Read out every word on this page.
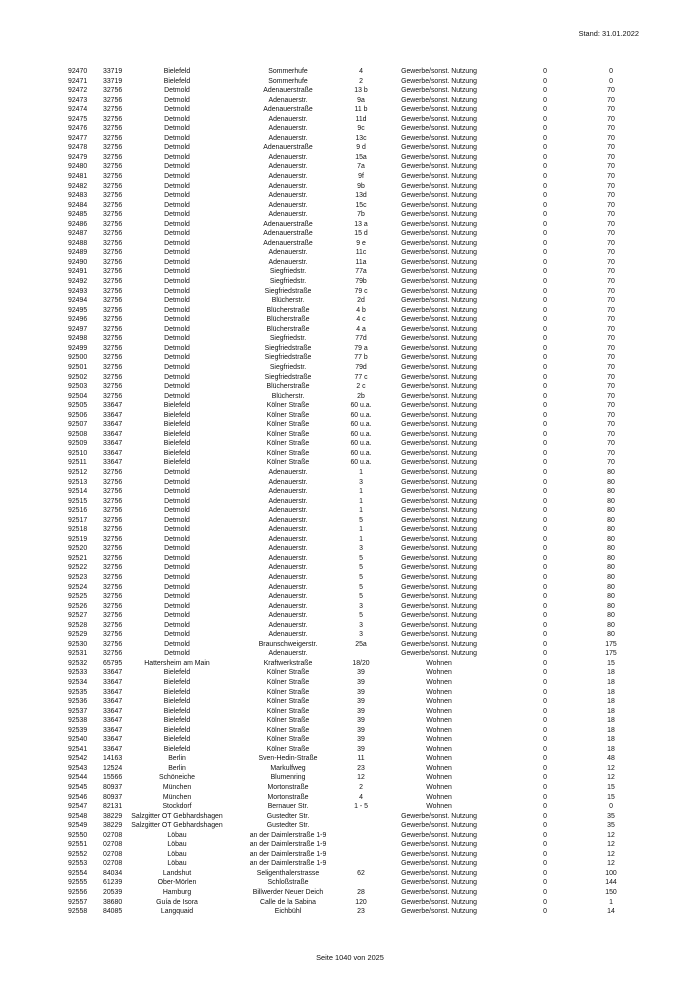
Stand: 31.01.2022
92470 33719	Bielefeld	Sommerhufe	4	Gewerbe/sonst. Nutzung	0	0
92471 33719	Bielefeld	Sommerhufe	2	Gewerbe/sonst. Nutzung	0	0
92472 32756	Detmold	Adenauerstraße	13 b	Gewerbe/sonst. Nutzung	0	70
92473 32756	Detmold	Adenauerstr.	9a	Gewerbe/sonst. Nutzung	0	70
92474 32756	Detmold	Adenauerstraße	11 b	Gewerbe/sonst. Nutzung	0	70
92475 32756	Detmold	Adenauerstr.	11d	Gewerbe/sonst. Nutzung	0	70
92476 32756	Detmold	Adenauerstr.	9c	Gewerbe/sonst. Nutzung	0	70
92477 32756	Detmold	Adenauerstr.	13c	Gewerbe/sonst. Nutzung	0	70
92478 32756	Detmold	Adenauerstraße	9 d	Gewerbe/sonst. Nutzung	0	70
92479 32756	Detmold	Adenauerstr.	15a	Gewerbe/sonst. Nutzung	0	70
92480 32756	Detmold	Adenauerstr.	7a	Gewerbe/sonst. Nutzung	0	70
92481 32756	Detmold	Adenauerstr.	9f	Gewerbe/sonst. Nutzung	0	70
92482 32756	Detmold	Adenauerstr.	9b	Gewerbe/sonst. Nutzung	0	70
92483 32756	Detmold	Adenauerstr.	13d	Gewerbe/sonst. Nutzung	0	70
92484 32756	Detmold	Adenauerstr.	15c	Gewerbe/sonst. Nutzung	0	70
92485 32756	Detmold	Adenauerstr.	7b	Gewerbe/sonst. Nutzung	0	70
92486 32756	Detmold	Adenauerstraße	13 a	Gewerbe/sonst. Nutzung	0	70
92487 32756	Detmold	Adenauerstraße	15 d	Gewerbe/sonst. Nutzung	0	70
92488 32756	Detmold	Adenauerstraße	9 e	Gewerbe/sonst. Nutzung	0	70
92489 32756	Detmold	Adenauerstr.	11c	Gewerbe/sonst. Nutzung	0	70
92490 32756	Detmold	Adenauerstr.	11a	Gewerbe/sonst. Nutzung	0	70
92491 32756	Detmold	Siegfriedstr.	77a	Gewerbe/sonst. Nutzung	0	70
92492 32756	Detmold	Siegfriedstr.	79b	Gewerbe/sonst. Nutzung	0	70
92493 32756	Detmold	Siegfriedstraße	79 c	Gewerbe/sonst. Nutzung	0	70
92494 32756	Detmold	Blücherstr.	2d	Gewerbe/sonst. Nutzung	0	70
92495 32756	Detmold	Blücherstraße	4 b	Gewerbe/sonst. Nutzung	0	70
92496 32756	Detmold	Blücherstraße	4 c	Gewerbe/sonst. Nutzung	0	70
92497 32756	Detmold	Blücherstraße	4 a	Gewerbe/sonst. Nutzung	0	70
92498 32756	Detmold	Siegfriedstr.	77d	Gewerbe/sonst. Nutzung	0	70
92499 32756	Detmold	Siegfriedstraße	79 a	Gewerbe/sonst. Nutzung	0	70
92500 32756	Detmold	Siegfriedstraße	77 b	Gewerbe/sonst. Nutzung	0	70
92501 32756	Detmold	Siegfriedstr.	79d	Gewerbe/sonst. Nutzung	0	70
92502 32756	Detmold	Siegfriedstraße	77 c	Gewerbe/sonst. Nutzung	0	70
92503 32756	Detmold	Blücherstraße	2 c	Gewerbe/sonst. Nutzung	0	70
92504 32756	Detmold	Blücherstr.	2b	Gewerbe/sonst. Nutzung	0	70
92505 33647	Bielefeld	Kölner Straße	60 u.a.	Gewerbe/sonst. Nutzung	0	70
92506 33647	Bielefeld	Kölner Straße	60 u.a.	Gewerbe/sonst. Nutzung	0	70
92507 33647	Bielefeld	Kölner Straße	60 u.a.	Gewerbe/sonst. Nutzung	0	70
92508 33647	Bielefeld	Kölner Straße	60 u.a.	Gewerbe/sonst. Nutzung	0	70
92509 33647	Bielefeld	Kölner Straße	60 u.a.	Gewerbe/sonst. Nutzung	0	70
92510 33647	Bielefeld	Kölner Straße	60 u.a.	Gewerbe/sonst. Nutzung	0	70
92511 33647	Bielefeld	Kölner Straße	60 u.a.	Gewerbe/sonst. Nutzung	0	70
92512 32756	Detmold	Adenauerstr.	1	Gewerbe/sonst. Nutzung	0	80
92513 32756	Detmold	Adenauerstr.	3	Gewerbe/sonst. Nutzung	0	80
92514 32756	Detmold	Adenauerstr.	1	Gewerbe/sonst. Nutzung	0	80
92515 32756	Detmold	Adenauerstr.	1	Gewerbe/sonst. Nutzung	0	80
92516 32756	Detmold	Adenauerstr.	1	Gewerbe/sonst. Nutzung	0	80
92517 32756	Detmold	Adenauerstr.	5	Gewerbe/sonst. Nutzung	0	80
92518 32756	Detmold	Adenauerstr.	1	Gewerbe/sonst. Nutzung	0	80
92519 32756	Detmold	Adenauerstr.	1	Gewerbe/sonst. Nutzung	0	80
92520 32756	Detmold	Adenauerstr.	3	Gewerbe/sonst. Nutzung	0	80
92521 32756	Detmold	Adenauerstr.	5	Gewerbe/sonst. Nutzung	0	80
92522 32756	Detmold	Adenauerstr.	5	Gewerbe/sonst. Nutzung	0	80
92523 32756	Detmold	Adenauerstr.	5	Gewerbe/sonst. Nutzung	0	80
92524 32756	Detmold	Adenauerstr.	5	Gewerbe/sonst. Nutzung	0	80
92525 32756	Detmold	Adenauerstr.	5	Gewerbe/sonst. Nutzung	0	80
92526 32756	Detmold	Adenauerstr.	3	Gewerbe/sonst. Nutzung	0	80
92527 32756	Detmold	Adenauerstr.	5	Gewerbe/sonst. Nutzung	0	80
92528 32756	Detmold	Adenauerstr.	3	Gewerbe/sonst. Nutzung	0	80
92529 32756	Detmold	Adenauerstr.	3	Gewerbe/sonst. Nutzung	0	80
92530 32756	Detmold	Braunschweigerstr.	25a	Gewerbe/sonst. Nutzung	0	175
92531 32756	Detmold	Adenauerstr.	Gewerbe/sonst. Nutzung	0	175
92532 65795	Hattersheim am Main	Kraftwerkstraße	18/20	Wohnen	0	15
92533 33647	Bielefeld	Kölner Straße	39	Wohnen	0	18
92534 33647	Bielefeld	Kölner Straße	39	Wohnen	0	18
92535 33647	Bielefeld	Kölner Straße	39	Wohnen	0	18
92536 33647	Bielefeld	Kölner Straße	39	Wohnen	0	18
92537 33647	Bielefeld	Kölner Straße	39	Wohnen	0	18
92538 33647	Bielefeld	Kölner Straße	39	Wohnen	0	18
92539 33647	Bielefeld	Kölner Straße	39	Wohnen	0	18
92540 33647	Bielefeld	Kölner Straße	39	Wohnen	0	18
92541 33647	Bielefeld	Kölner Straße	39	Wohnen	0	18
92542 14163	Berlin	Sven-Hedin-Straße	11	Wohnen	0	48
92543 12524	Berlin	Markulfweg	23	Wohnen	0	12
92544 15566	Schöneiche	Blumenring	12	Wohnen	0	12
92545 80937	München	Mortonstraße	2	Wohnen	0	15
92546 80937	München	Mortonstraße	4	Wohnen	0	15
92547 82131	Stockdorf	Bernauer Str.	1 - 5	Wohnen	0	0
92548 38229 Salzgitter OT Gebhardshagen	Gustedter Str.	Gewerbe/sonst. Nutzung	0	35
92549 38229 Salzgitter OT Gebhardshagen	Gustedter Str.	Gewerbe/sonst. Nutzung	0	35
92550 02708	Löbau	an der Daimlerstraße 1-9	Gewerbe/sonst. Nutzung	0	12
92551 02708	Löbau	an der Daimlerstraße 1-9	Gewerbe/sonst. Nutzung	0	12
92552 02708	Löbau	an der Daimlerstraße 1-9	Gewerbe/sonst. Nutzung	0	12
92553 02708	Löbau	an der Daimlerstraße 1-9	Gewerbe/sonst. Nutzung	0	12
92554 84034	Landshut	Seligenthalerstrasse	62	Gewerbe/sonst. Nutzung	0	100
92555 61239	Ober-Mörlen	Schloßstraße	Gewerbe/sonst. Nutzung	0	144
92556 20539	Hamburg	Billwerder Neuer Deich	28	Gewerbe/sonst. Nutzung	0	150
92557 38680	Guía de Isora	Calle de la Sabina	120	Gewerbe/sonst. Nutzung	0	1
92558 84085	Langquaid	Eichbühl	23	Gewerbe/sonst. Nutzung	0	14
Seite 1040 von 2025
